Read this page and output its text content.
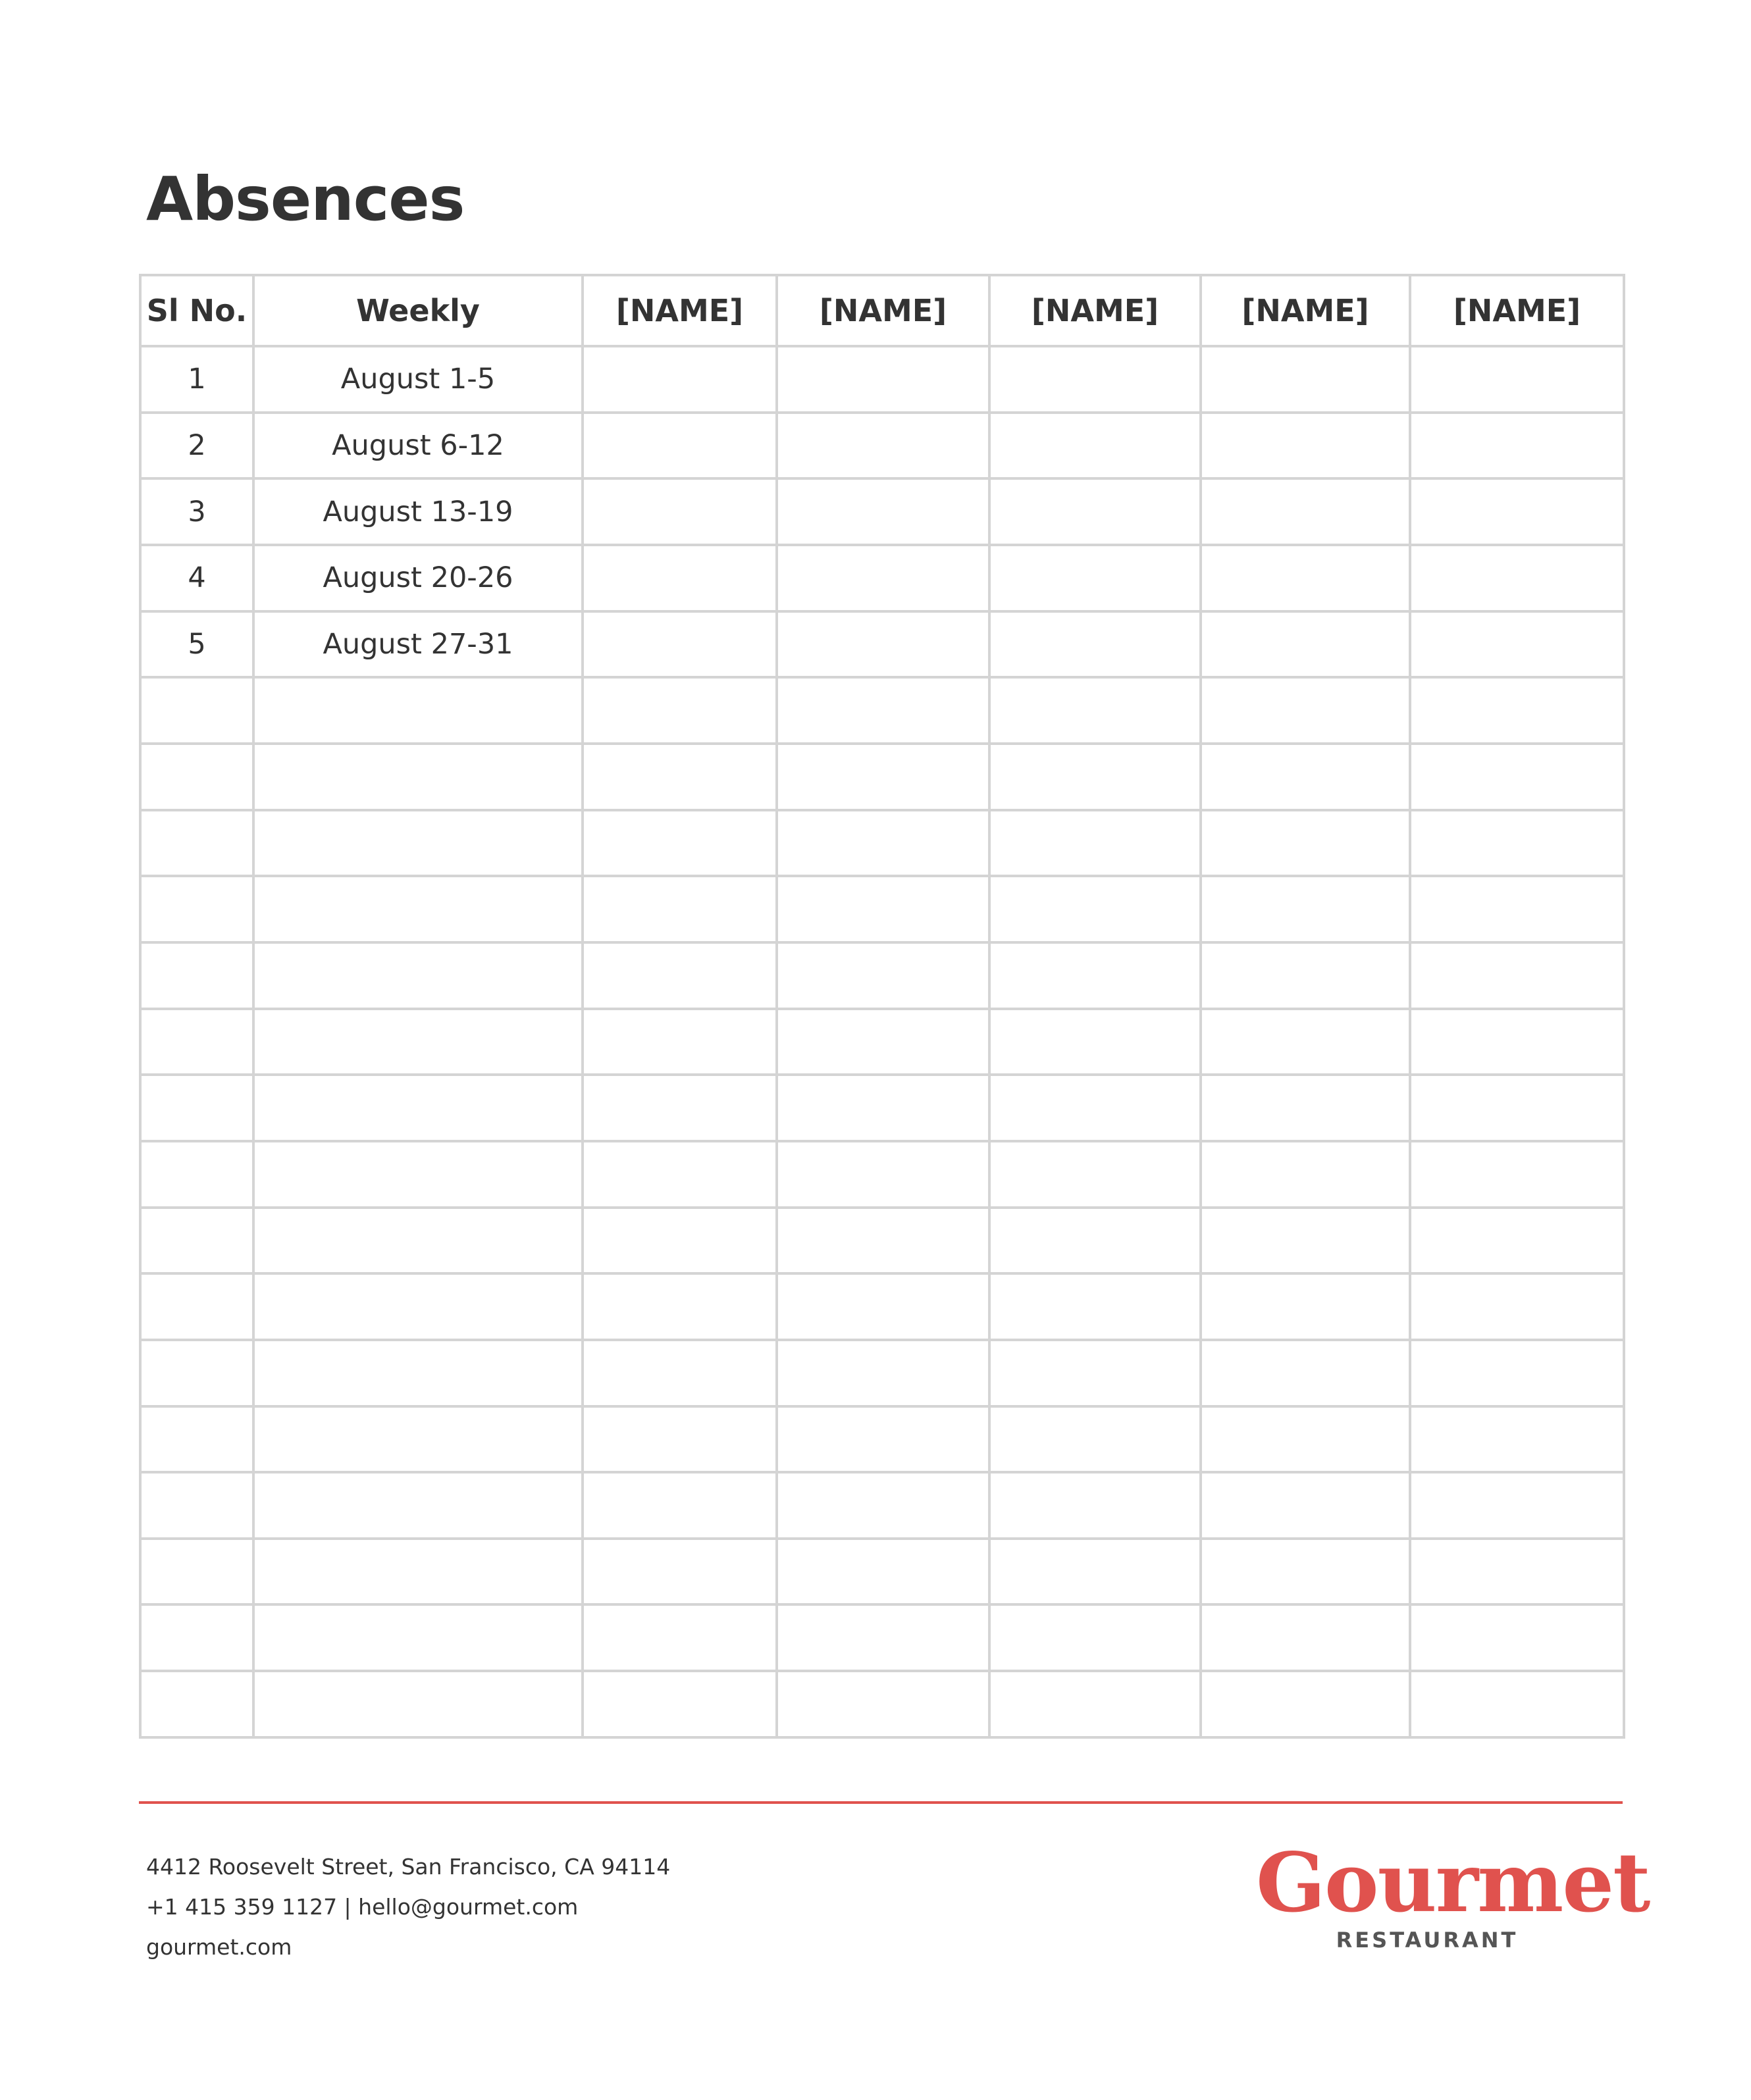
Absences
Sl No.	Weekly	[NAME]	[NAME]	[NAME]	[NAME]	[NAME]
1	August 1-5					
2	August 6-12					
3	August 13-19					
4	August 20-26					
5	August 27-31					

4412 Roosevelt Street, San Francisco, CA 94114
+1 415 359 1127 | hello@gourmet.com
gourmet.com
Gourmet
RESTAURANT
